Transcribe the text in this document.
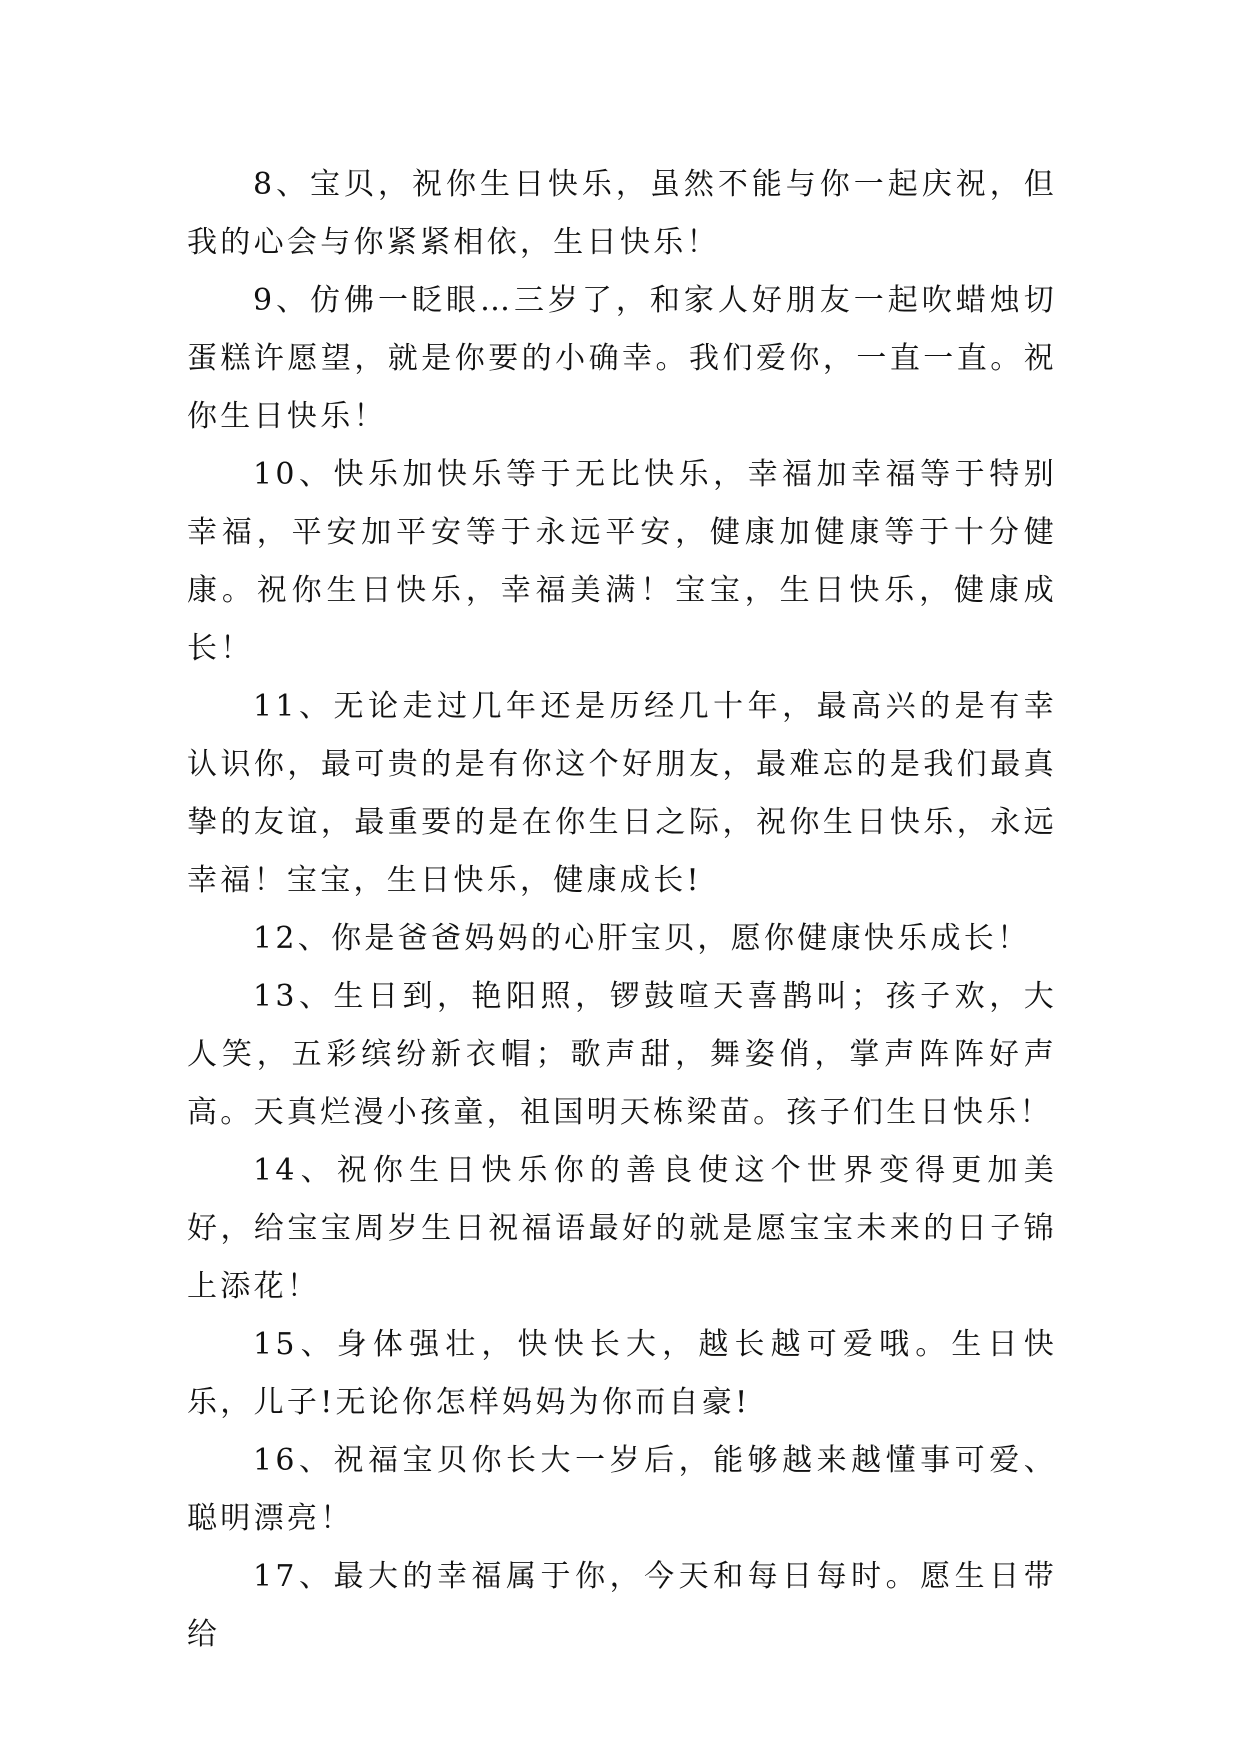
8、宝贝，祝你生日快乐，虽然不能与你一起庆祝，但我的心会与你紧紧相依，生日快乐！

9、仿佛一眨眼…三岁了，和家人好朋友一起吹蜡烛切蛋糕许愿望，就是你要的小确幸。我们爱你，一直一直。祝你生日快乐！

10、快乐加快乐等于无比快乐，幸福加幸福等于特别幸福，平安加平安等于永远平安，健康加健康等于十分健康。祝你生日快乐，幸福美满！宝宝，生日快乐，健康成长！

11、无论走过几年还是历经几十年，最高兴的是有幸认识你，最可贵的是有你这个好朋友，最难忘的是我们最真挚的友谊，最重要的是在你生日之际，祝你生日快乐，永远幸福！宝宝，生日快乐，健康成长!

12、你是爸爸妈妈的心肝宝贝，愿你健康快乐成长！

13、生日到，艳阳照，锣鼓喧天喜鹊叫；孩子欢，大人笑，五彩缤纷新衣帽；歌声甜，舞姿俏，掌声阵阵好声高。天真烂漫小孩童，祖国明天栋梁苗。孩子们生日快乐！

14、祝你生日快乐你的善良使这个世界变得更加美好，给宝宝周岁生日祝福语最好的就是愿宝宝未来的日子锦上添花！

15、身体强壮，快快长大，越长越可爱哦。生日快乐，儿子!无论你怎样妈妈为你而自豪!

16、祝福宝贝你长大一岁后，能够越来越懂事可爱、聪明漂亮！

17、最大的幸福属于你，今天和每日每时。愿生日带给
